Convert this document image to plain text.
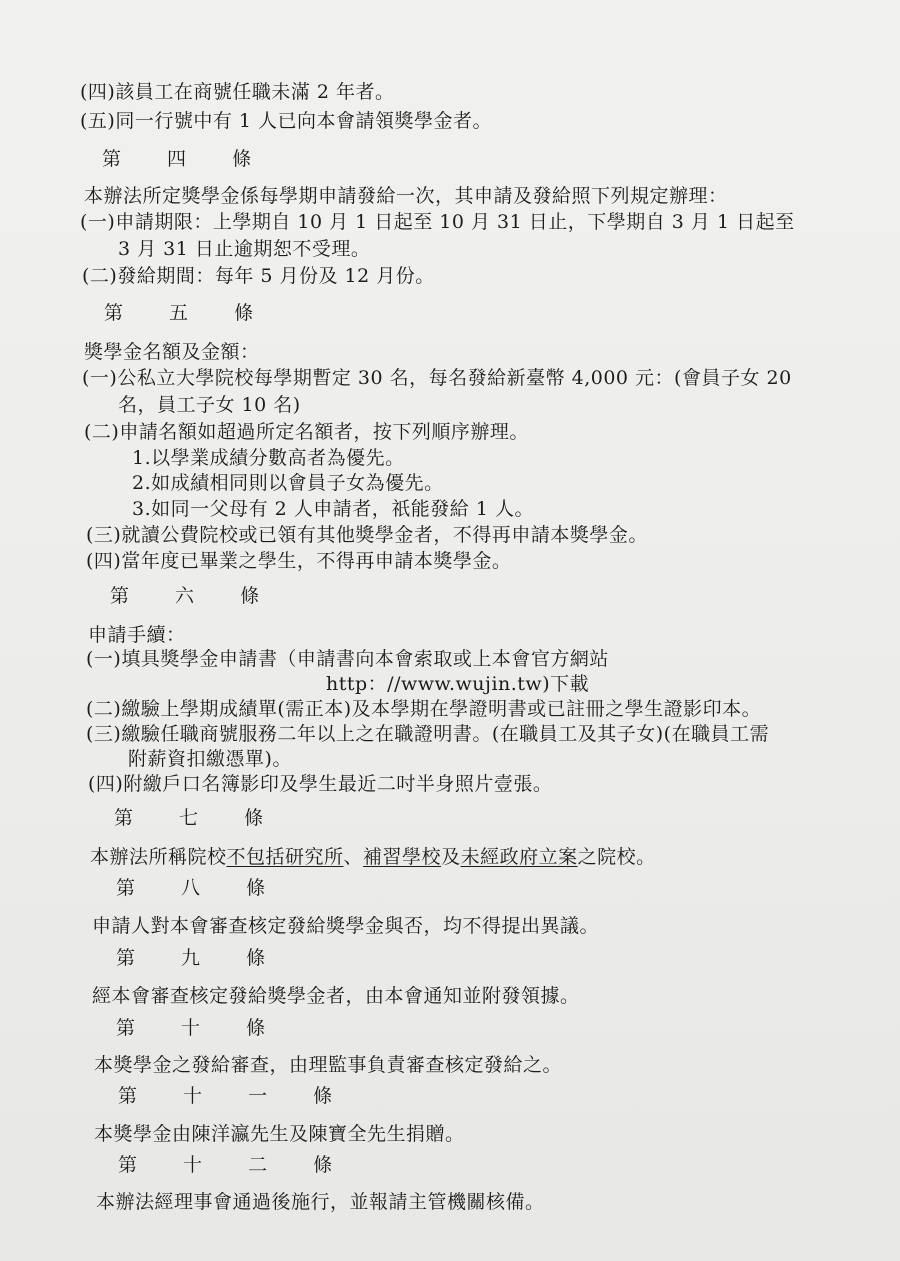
(四)該員工在商號任職未滿 2 年者。
(五)同一行號中有 1 人已向本會請領獎學金者。
第 四 條
本辦法所定獎學金係每學期申請發給一次，其申請及發給照下列規定辦理：
(一)申請期限：上學期自 10 月 1 日起至 10 月 31 日止，下學期自 3 月 1 日起至
3 月 31 日止逾期恕不受理。
(二)發給期間：每年 5 月份及 12 月份。
第 五 條
獎學金名額及金額：
(一)公私立大學院校每學期暫定 30 名，每名發給新臺幣 4,000 元：(會員子女 20
名，員工子女 10 名)
(二)申請名額如超過所定名額者，按下列順序辦理。
1.以學業成績分數高者為優先。
2.如成績相同則以會員子女為優先。
3.如同一父母有 2 人申請者，祇能發給 1 人。
(三)就讀公費院校或已領有其他獎學金者，不得再申請本獎學金。
(四)當年度已畢業之學生，不得再申請本獎學金。
第 六 條
申請手續：
(一)填具獎學金申請書（申請書向本會索取或上本會官方網站
http：//www.wujin.tw)下載
(二)繳驗上學期成績單(需正本)及本學期在學證明書或已註冊之學生證影印本。
(三)繳驗任職商號服務二年以上之在職證明書。(在職員工及其子女)(在職員工需
附薪資扣繳憑單)。
(四)附繳戶口名簿影印及學生最近二吋半身照片壹張。
第 七 條
本辦法所稱院校不包括研究所、補習學校及未經政府立案之院校。
第 八 條
申請人對本會審查核定發給獎學金與否，均不得提出異議。
第 九 條
經本會審查核定發給獎學金者，由本會通知並附發領據。
第 十 條
本獎學金之發給審查，由理監事負責審查核定發給之。
第 十 一 條
本獎學金由陳洋瀛先生及陳寶全先生捐贈。
第 十 二 條
本辦法經理事會通過後施行，並報請主管機關核備。
